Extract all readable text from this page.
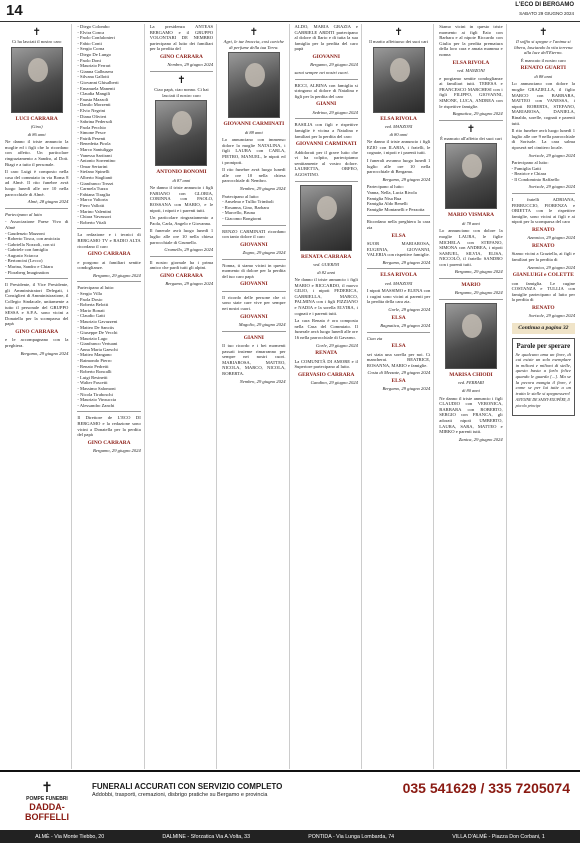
14	L'ECO DI BERGAMO
SABATO 29 GIUGNO 2024
✝
Ci ha lasciati il nostro caro
LUCI CARRARA
(Gino)
di 86 anni
Ne danno il triste annuncio la moglie ed i figli che lo ricordano con affetto. Un particolare ringraziamento a Sandro, al Dott. Biagi e a tutto il personale.
Il caro Luigi è composto nella casa del commiato in via Roma 8 ad Almè. Il rito funebre avrà luogo lunedì alle ore 10 nella parrocchiale di Almè.
Almè, 28 giugno 2024
Partecipano al lutto
- Associazione Paese Vivo di Almè
- Gaudenzio Mazzoni
- Roberto Tosca, con amicizia
- Gabriella Nozzoli, con sti
- Gabriele con famiglia
- Augusto Sciacca
- Bertoncini (Lecco)
- Marina, Sandro e Chiara
- Floraberg Imagination
Il Presidente, il Vice Presidente, gli Amministratori Delegati, i Consiglieri di Amministrazione, il Collegio Sindacale, unitamente a tutto il personale del GRUPPO SESSA e S.P.A. sono vicini a Donatella per la scomparsa del papà
GINO CARRARA
e le accompagnano con la preghiera.
Bergamo, 29 giugno 2024
- Diego Colombo
- Elvira Conca
- Paolo Confalonieri
- Fabio Conti
- Sergio Corna
- Diego De Lungo
- Paolo Doni
- Maurizio Ferrari
- Gianna Galbusera
- Silvana Gallotti
- Giovanni Ghisalberti
- Emanuela Manenti
- Claudia Mangili
- Fausta Mazzoli
- Danilo Morzenti
- Elvio Negrini
- Diana Olivieri
- Sabrina Pedersoli
- Paola Pecchio
- Simone Pesce
- Patrik Pesenti
- Benedetta Pirola
- Marco Santuliggo
- Vanessa Sartirani
- Antonio Sorrentino
- Omar Sertarini
- Stefano Spinelli
- Alberto Staglianò
- Gianfranco Trezzi
- Carmela Tuzza
- Fabiana Tiraglia
- Marco Valtorta
- Piero Vallotti
- Marino Valentini
- Chiara Vavassori
- Roberto Vitali
La redazione e i tecnici di BERGAMO TV e RADIO ALTA ricordano il caro
GINO CARRARA
e porgono ai familiari sentite condoglianze.
Bergamo, 29 giugno 2024
Partecipano al lutto:
- Sergio Villa
- Paola Dosio
- Roberta Belotti
- Mario Bonati
- Claudio Gatti
- Maurizio Gavazzeni
- Matteo De Sanctis
- Giuseppe De Vecchi
- Maurizio Lago
- Gianfranco Vertuani
- Anna Maria Gaeschi
- Matteo Mangano
- Raimondo Pierro
- Renato Pedretti
- Roberto Roncalli
- Luigi Resinetti
- Walter Fascetti
- Massimo Salomoni
- Nicola Tiraboschi
- Maurizio Vinsuccia
- Alessandro Zanchi
Il Direttore de L'ECO DI BERGAMO e la redazione sono vicini a Donatella per la perdita del papà
GINO CARRARA
Bergamo, 29 giugno 2024
La presidenza ANTEAS BERGAMO e il GRUPPO VOLONTARI DE NEMBRO partecipano al lutto dei familiari per la perdita del
GINO CARRARA
Nembro, 29 giugno 2024
✝
Ciao papà, ciao nonno. Ci hai lasciati il nostro caro
ANTONIO BONOMI
di 87 anni
Ne danno il triste annuncio i figli FABIANO con GLORIA, CORINNA con PAOLO, ROSSANA con MARIO, e le nipoti, i nipoti e i parenti tutti.
Un particolare ringraziamento a Paola, Carla, Angelo e Giovanna.
Il funerale avrà luogo lunedì 1 luglio alle ore 10 nella chiesa parrocchiale di Grumello.
Grumello, 29 giugno 2024
Il nostro giornale ha i prima amico che pardi tutti gli alpini.
GINO CARRARA
Bergamo, 29 giugno 2024
✝
Agri, le tue braccia, così cariche di perfume della tua Terra.
GIOVANNI CARMINATI
di 88 anni
Lo annunciano con immenso dolore la moglie NATALINA, i figli LAURA con CARLA, PIETRO, MANUEL, le nipoti ed i pronipoti.
Il rito funebre avrà luogo lunedì alle ore 10 nella chiesa parrocchiale di Nembro.
Nembro, 29 giugno 2024
Partecipano al lutto:
- Anselmo e Tullio Trimboli
- Rosanna, Gino, Barbara
- Marcello, Bruna
- Giacomo Bongiorni
RENZO CARMINATI ricordano con tanto dolore il caro
GIOVANNI
Zogno, 29 giugno 2024
Nonna, ti siamo vicini in questo momento di dolore per la perdita del tuo caro papà
GIOVANNI
Il ricordo delle persone che ci sono state care vive per sempre nei nostri cuori.
GIOVANNI
Magolio, 29 giugno 2024
GIANNI
Il tuo ricordo e i bei momenti passati insieme rimarranno per sempre nei nostri cuori. MARIAROSA, MATTEO, NICOLA, MARCO, NICOLA, ROBERTA.
Nembro, 29 giugno 2024
ALDO, MARIA GRAZIA e GABRIELE ARDITI partecipano al dolore di Ilario e di tutta la sua famiglia per la perdita del caro papà
GIOVANNI
Bergamo, 29 giugno 2024
sarai sempre nei nostri cuori.
BICCI, ALBINA con famiglia si stringono al dolore di Natalina e figli per la perdita del caro
GIANNI
Sedrina, 29 giugno 2024
BASILIA con figli e rispettive famiglie è vicina a Natalina e familiari per la perdita del caro
GIOVANNI CARMINATI
Addolorati per il grave lutto che vi ha colpito, partecipiamo sentitamente al vostro dolore. LAURETTA, ORFEO, AGOSTINO.
RENATA CARRARA
ved. GUERINI
di 82 anni
Ne danno il triste annuncio i figli MARIO e RICCARDO, il nuovo GILIO, i nipoti FEDERICA, GABRIELLA, MARCO, PALMINA con i figli FIZZIANO e NADIA e la sorella ELVIRA, i cognati e i parenti tutti.
La cara Renata è ora composta nella Casa del Commiato. Il funerale avrà luogo lunedì alle ore 16 nella parrocchiale di Gavarno.
Gorle, 29 giugno 2024
RENATA
La COMUNITÀ DI AMORE e il Superiore partecipano al lutto.
GERVASIO CARRARA
Gandino, 29 giugno 2024
✝
Il marito affettuoso dei suoi cari
ELSA RIVOLA
ved. MANZONI
di 80 anni
Ne danno il triste annuncio i figli EZIO con ILARIA, i fratelli, le cognate, i nipoti e i parenti tutti.
I funerali avranno luogo lunedì 1 luglio alle ore 10 nella parrocchiale di Bergamo.
Bergamo, 29 giugno 2024
Partecipano al lutto:
Vanna, Nella, Lucia Rivola
Famiglia Nisa Bua
Famiglia Aldo Benelli
Famiglie Montanelli e Pezzotta
Ricordano nella preghiera la cara zia
ELSA
SUOR MARIAROSA, EUGENIA, GIOVANNI, VALERIA con rispettive famiglie.
Bergamo, 29 giugno 2024
ELSA RIVOLA
ved. MANZONI
I nipoti MASSIMO e ELENA con i cugini sono vicini ai parenti per la perdita della cara zia.
Gorle, 29 giugno 2024
ELSA
Bagnatica, 29 giugno 2024
Ciao zia
ELSA
sei stata una sorella per noi. Ci mancherai. BEATRICE, ROSANNA, MARIO e famiglie.
Costa di Mezzate, 29 giugno 2024
ELSA
Bergamo, 29 giugno 2024
Siamo vicini in questo triste momento ai figli Ezio con Barbara e al nipote Riccardo con Giulia per la perdita prematura della loro cara e amata mamma e nonna
ELSA RIVOLA
ved. MANZONI
e porgiamo sentite condoglianze ai familiari tutti. TERESA e FRANCESCO MARCHESI con i figli FILIPPO, GIOVANNI, SIMONE, LUCA, ANDREA con le rispettive famiglie.
Bagnatica, 29 giugno 2024
✝
È mancato all'affetto dei suoi cari
MARIO VISMARA
di 78 anni
Lo annunciano con dolore la moglie LAURA, le figlie MICHELA con STEFANO, SIMONA con ANDREA, i nipoti SAMUEL, SILVIA, ELISA, NICCOLÒ, il fratello SANDRO con i parenti tutti.
Bergamo, 29 giugno 2024
MARIO
Bergamo, 29 giugno 2024
MARISA CHIODI
ved. FERRARI
di 80 anni
Ne danno il triste annuncio i figli CLAUDIO con VERONICA, BARBARA con ROBERTO, SERGIO con FRANCA, gli adorati nipoti UMBERTO, LAURA, SARA, MATTEO e MIRKO e parenti tutti.
Zanica, 29 giugno 2024
✝
Il soffio si spegne e l'anima si libera, lasciando la vita terrena alla luce dell'Eterno.
È mancato il nostro caro
RENATO GUARTI
di 88 anni
Lo annunciano con dolore la moglie GRAZIELLA, il figlio MARCO con BARBARA, MATTEO con VANESSA, i nipoti ROBERTA, STEFANO, MARIAROSA, DANIELA, Rinaldo, sorelle, cognati e parenti tutti.
Il rito funebre avrà luogo lunedì 1 luglio alle ore 9 nella parrocchiale di Sorisole. La cara salma riposerà nel cimitero locale.
Sorisole, 29 giugno 2024
Partecipano al lutto:
- Famiglia Gatti
- Beatrice e Chiara
- Il Condominio Raffaello
Sorisole, 29 giugno 2024
I fratelli ADRIANA, FERRUCCIO, FIORENZA e ORIETTA con le rispettive famiglie, sono vicini ai figli e ai nipoti per la scomparsa del caro
RENATO
Azzonica, 29 giugno 2024
RENATO
Siamo vicini a Graziella, ai figli e familiari per la perdita di
Azzonica, 29 giugno 2024
GIANLUIGI e COLETTE
con famiglia. Le cugine COSTANZA e TULLIA con famiglie partecipano al lutto per la perdita di
RENATO
Sorisole, 29 giugno 2024
Continua a pagina 32
Parole per sperare
Se qualcuno ama un fiore, di cui esiste un solo esemplare in milioni e milioni di stelle, questo basta a farlo felice quando le guarda [...]. Ma se la pecora mangia il fiore, è come se per lui tutte a un tratto le stelle si spegnessero!
ANTOINE DE SAINT-EXUPÉRY, Il piccolo principe
✝
POMPE FUNEBRI
DADDA-BOFFELLI
FUNERALI ACCURATI CON SERVIZIO COMPLETO
Addobbi, trasporti, cremazioni, disbrigo pratiche su Bergamo e provincia	035 541629 / 335 7205074
ALMÈ - Via Monte Tiebbo, 20	DALMINE - Sforzatica Via A.Volta, 33	PONTIDA - Via Lunga Lombarda, 74	VILLA D'ALMÈ - Piazza Don Corbani, 1
